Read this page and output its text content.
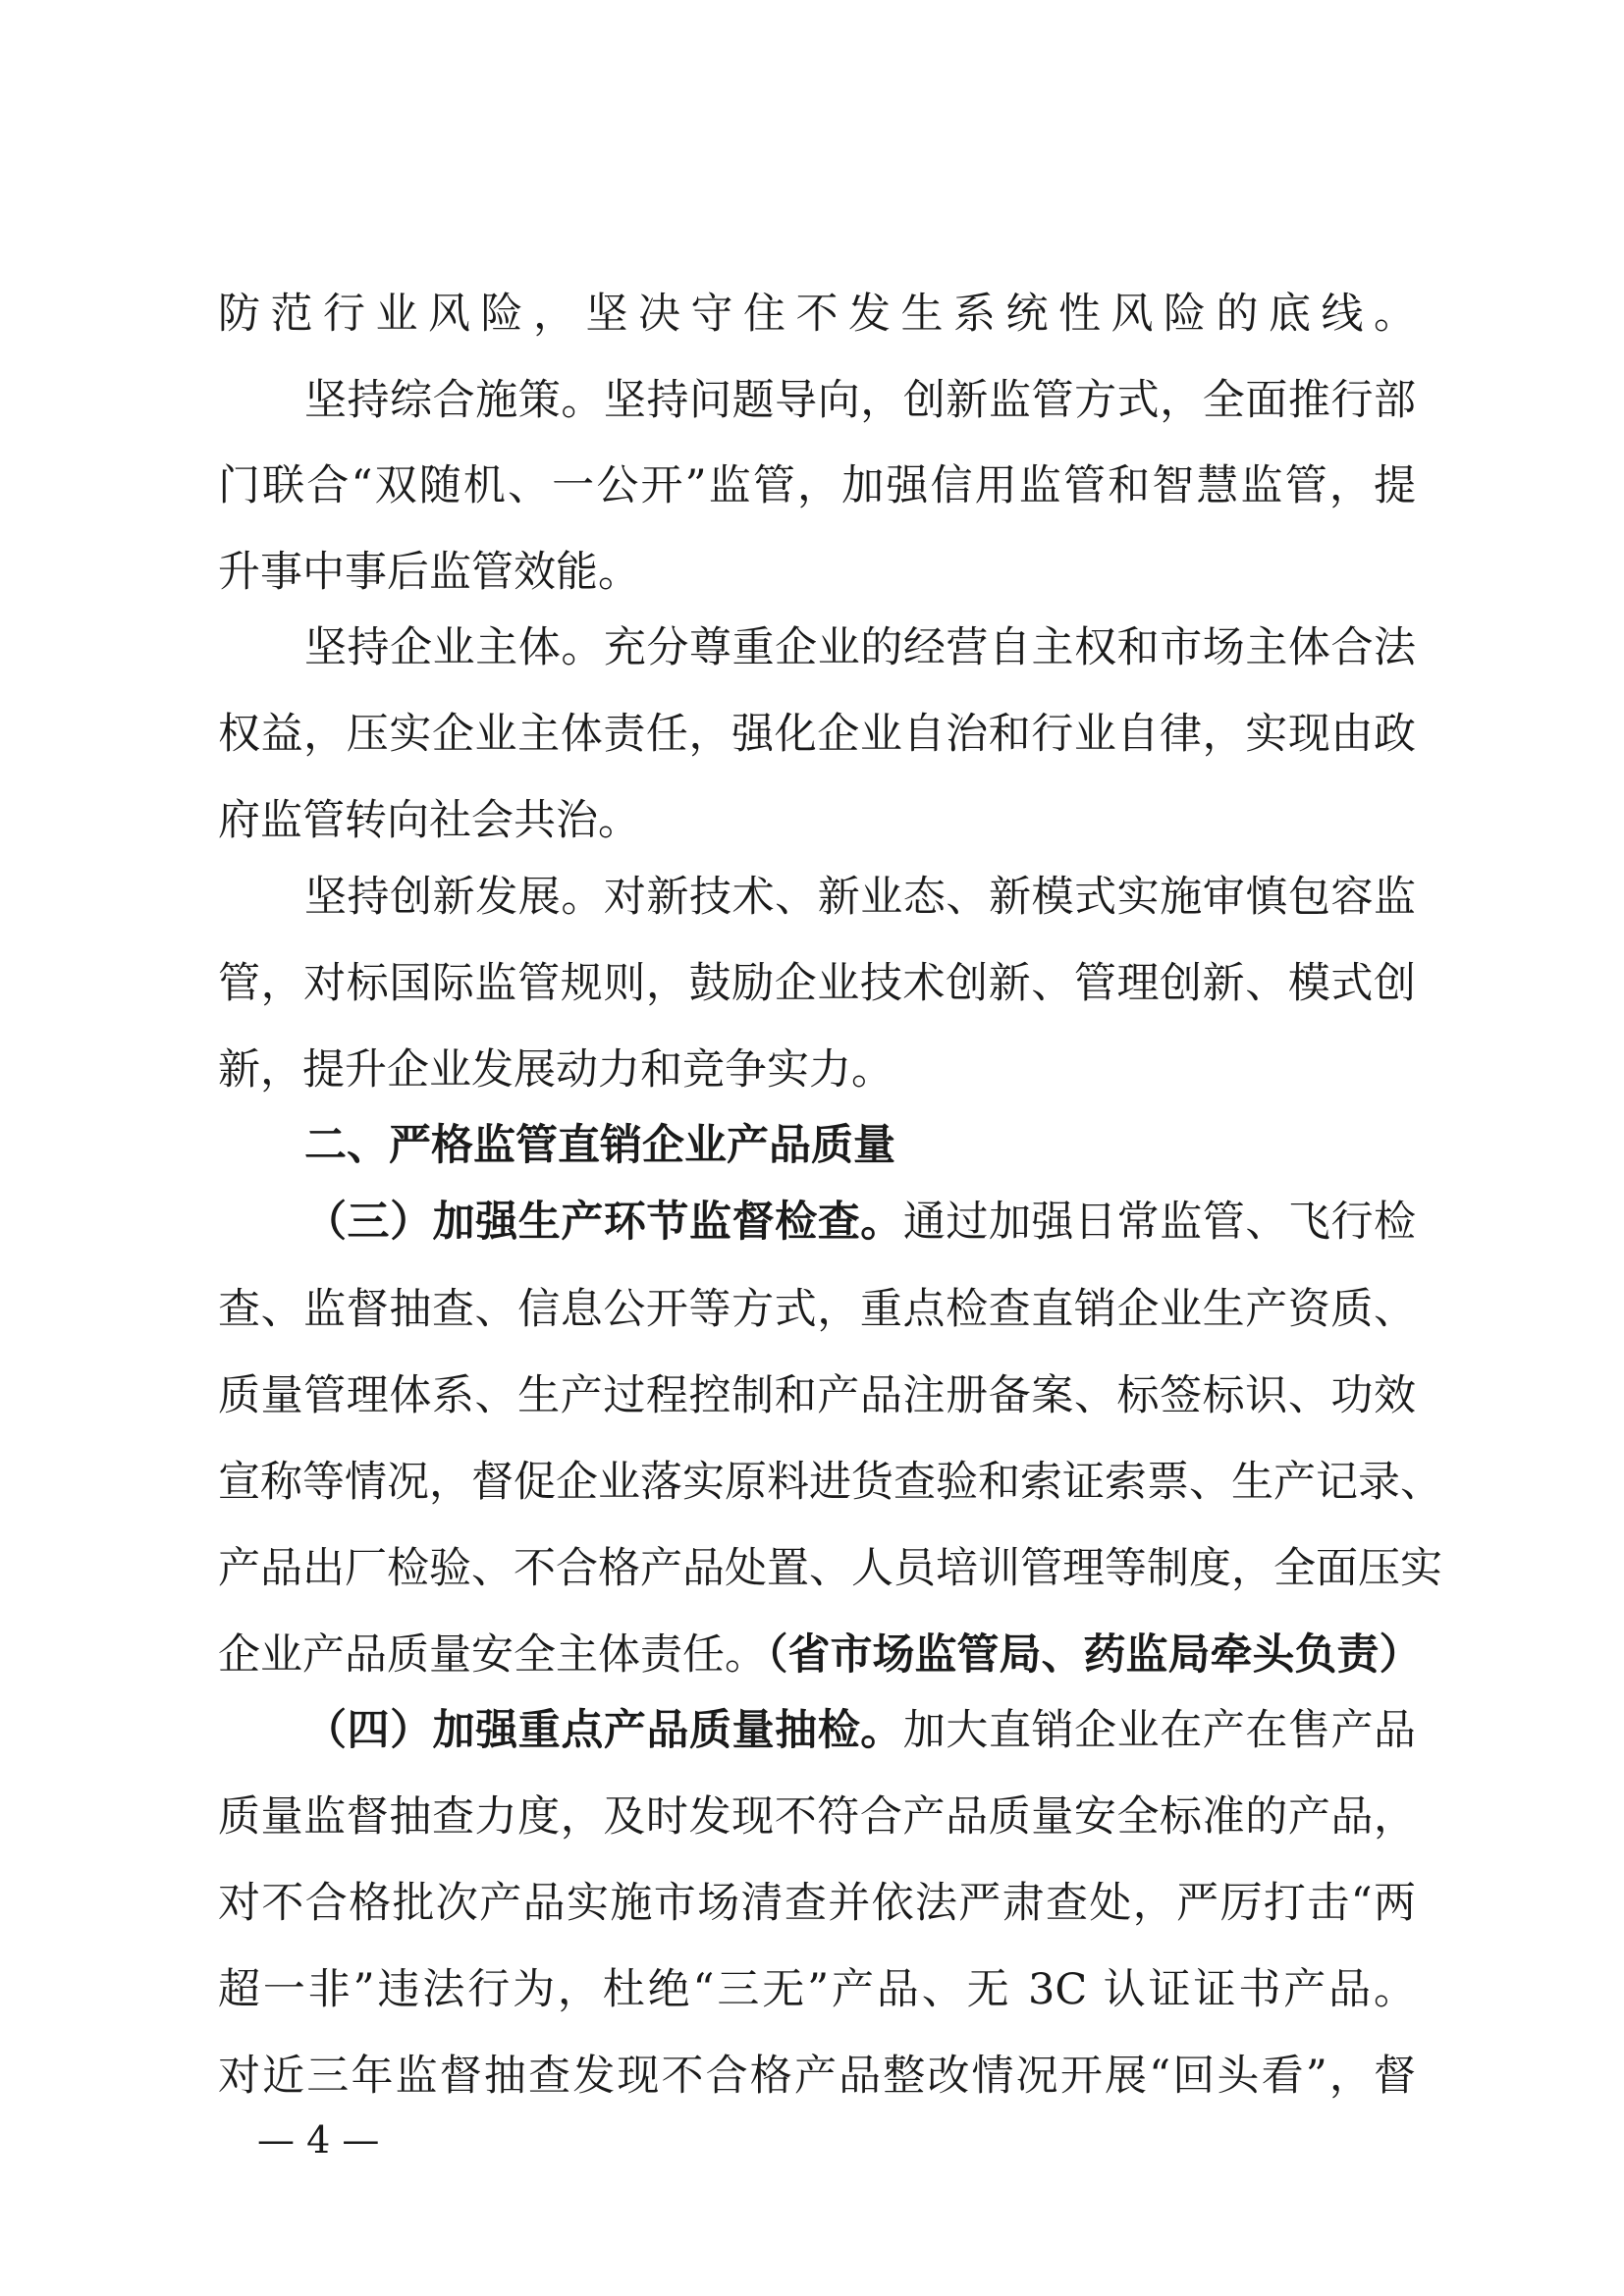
防范行业风险，坚决守住不发生系统性风险的底线。
坚持综合施策。坚持问题导向，创新监管方式，全面推行部
门联合“双随机、一公开”监管，加强信用监管和智慧监管，提
升事中事后监管效能。
坚持企业主体。充分尊重企业的经营自主权和市场主体合法
权益，压实企业主体责任，强化企业自治和行业自律，实现由政
府监管转向社会共治。
坚持创新发展。对新技术、新业态、新模式实施审慎包容监
管，对标国际监管规则，鼓励企业技术创新、管理创新、模式创
新，提升企业发展动力和竞争实力。
二、严格监管直销企业产品质量
（三）加强生产环节监督检查。通过加强日常监管、飞行检
查、监督抽查、信息公开等方式，重点检查直销企业生产资质、
质量管理体系、生产过程控制和产品注册备案、标签标识、功效
宣称等情况，督促企业落实原料进货查验和索证索票、生产记录、
产品出厂检验、不合格产品处置、人员培训管理等制度，全面压实
企业产品质量安全主体责任。（省市场监管局、药监局牵头负责）
（四）加强重点产品质量抽检。加大直销企业在产在售产品
质量监督抽查力度，及时发现不符合产品质量安全标准的产品，
对不合格批次产品实施市场清查并依法严肃查处，严厉打击“两
超一非”违法行为，杜绝“三无”产品、无 3C 认证证书产品。
对近三年监督抽查发现不合格产品整改情况开展“回头看”，督
— 4 —
